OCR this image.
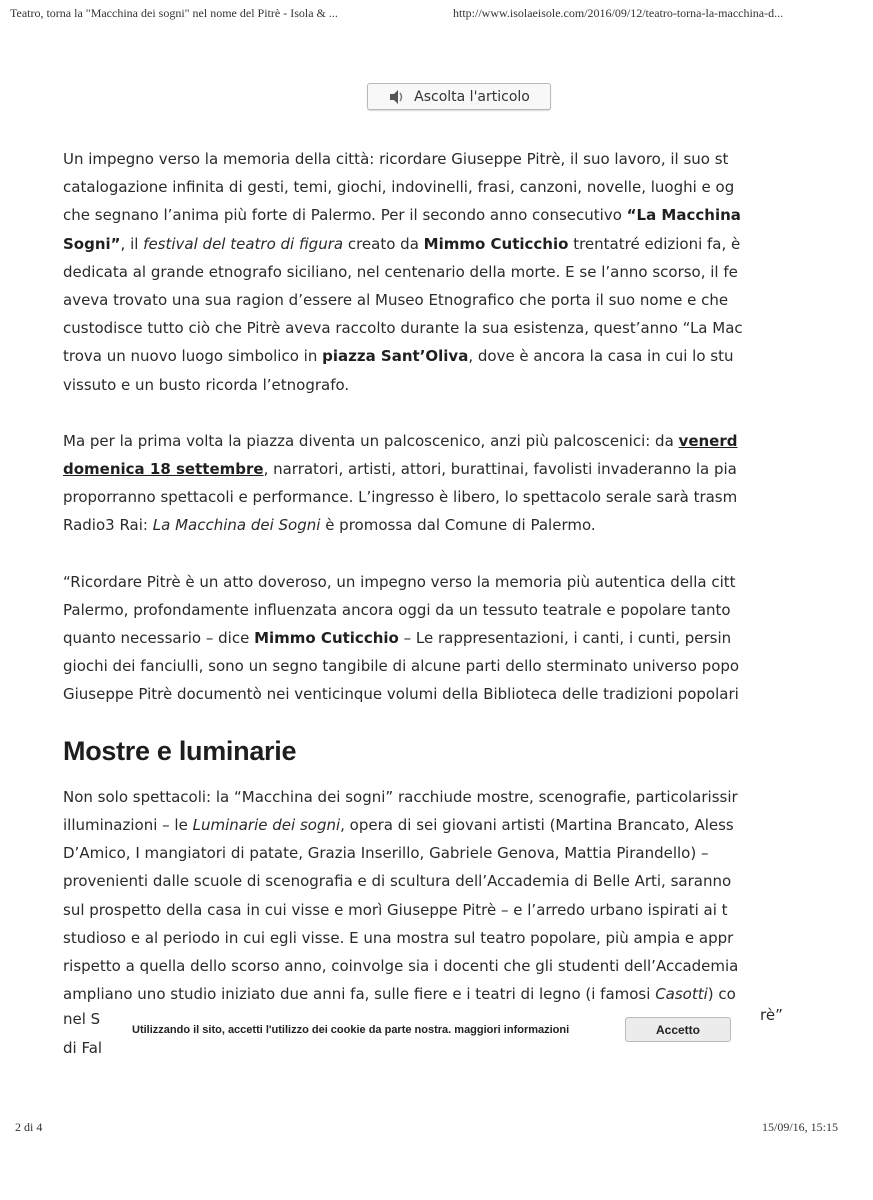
Teatro, torna la "Macchina dei sogni" nel nome del Pitrè - Isola & ...	http://www.isolaeisole.com/2016/09/12/teatro-torna-la-macchina-d...
Ascolta l'articolo

Un impegno verso la memoria della città: ricordare Giuseppe Pitrè, il suo lavoro, il suo st
catalogazione infinita di gesti, temi, giochi, indovinelli, frasi, canzoni, novelle, luoghi e og
che segnano l’anima più forte di Palermo. Per il secondo anno consecutivo “La Macchina
Sogni”, il festival del teatro di figura creato da Mimmo Cuticchio trentatré edizioni fa, è
dedicata al grande etnografo siciliano, nel centenario della morte. E se l’anno scorso, il fe
aveva trovato una sua ragion d’essere al Museo Etnografico che porta il suo nome e che
custodisce tutto ciò che Pitrè aveva raccolto durante la sua esistenza, quest’anno “La Mac
trova un nuovo luogo simbolico in piazza Sant’Oliva, dove è ancora la casa in cui lo stu
vissuto e un busto ricorda l’etnografo.

Ma per la prima volta la piazza diventa un palcoscenico, anzi più palcoscenici: da venerd
domenica 18 settembre, narratori, artisti, attori, burattinai, favolisti invaderanno la pia
proporranno spettacoli e performance. L’ingresso è libero, lo spettacolo serale sarà trasm
Radio3 Rai: La Macchina dei Sogni è promossa dal Comune di Palermo.

“Ricordare Pitrè è un atto doveroso, un impegno verso la memoria più autentica della citt
Palermo, profondamente influenzata ancora oggi da un tessuto teatrale e popolare tanto
quanto necessario – dice Mimmo Cuticchio – Le rappresentazioni, i canti, i cunti, persin
giochi dei fanciulli, sono un segno tangibile di alcune parti dello sterminato universo popo
Giuseppe Pitrè documentò nei venticinque volumi della Biblioteca delle tradizioni popolari

Mostre e luminarie

Non solo spettacoli: la “Macchina dei sogni” racchiude mostre, scenografie, particolarissir
illuminazioni – le Luminarie dei sogni, opera di sei giovani artisti (Martina Brancato, Aless
D’Amico, I mangiatori di patate, Grazia Inserillo, Gabriele Genova, Mattia Pirandello) –
provenienti dalle scuole di scenografia e di scultura dell’Accademia di Belle Arti, saranno
sul prospetto della casa in cui visse e morì Giuseppe Pitrè – e l’arredo urbano ispirati ai t
studioso e al periodo in cui egli visse. E una mostra sul teatro popolare, più ampia e appr
rispetto a quella dello scorso anno, coinvolge sia i docenti che gli studenti dell’Accademia
ampliano uno studio iniziato due anni fa, sulle fiere e i teatri di legno (i famosi Casotti) co

nel S	rè”
di Fal
Utilizzando il sito, accetti l'utilizzo dei cookie da parte nostra. maggiori informazioni	Accetto
2 di 4	15/09/16, 15:15
